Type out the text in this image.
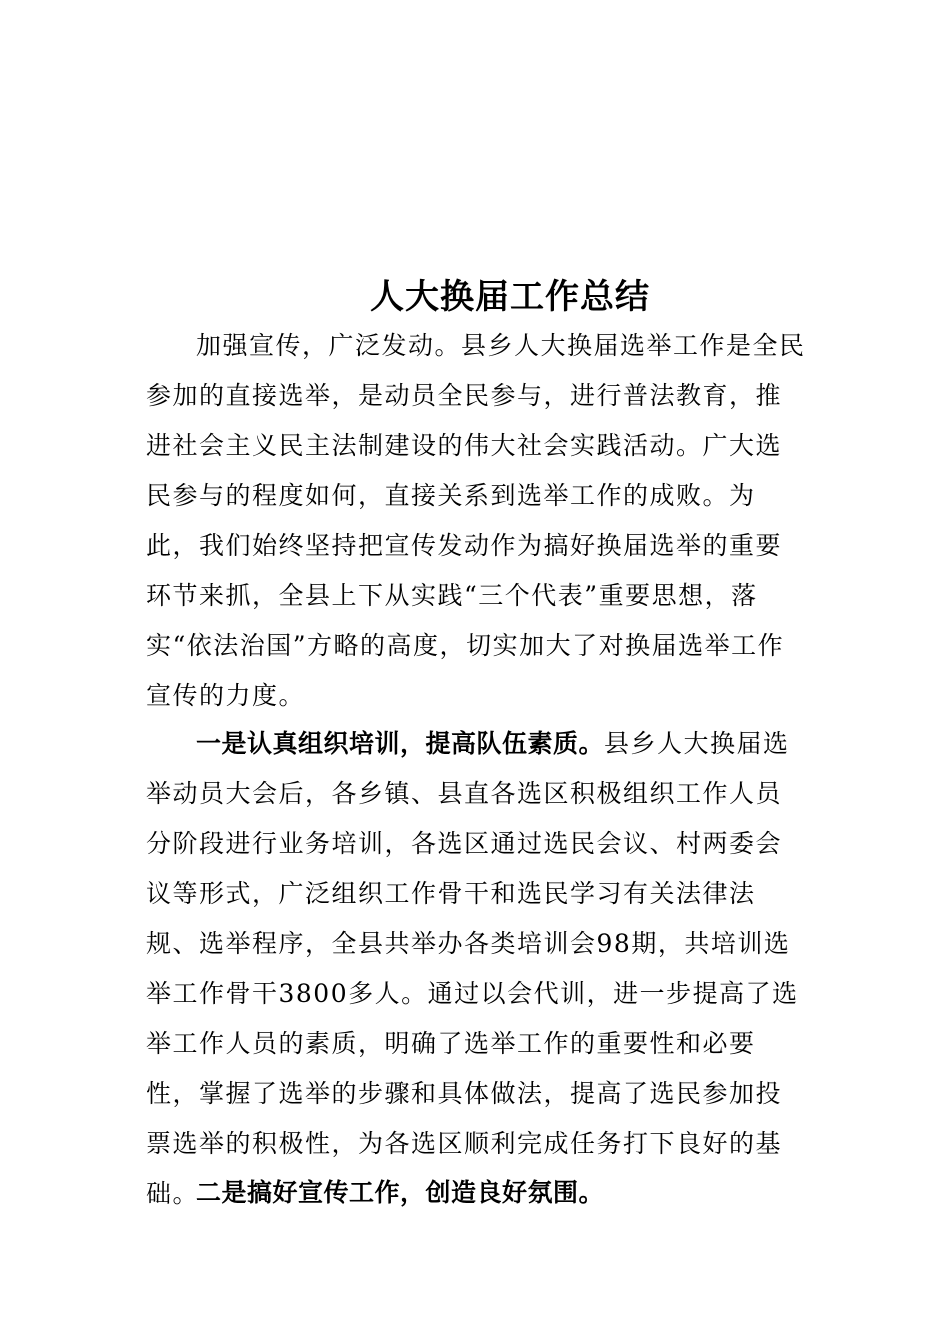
人大换届工作总结

加强宣传，广泛发动。县乡人大换届选举工作是全民参加的直接选举，是动员全民参与，进行普法教育，推进社会主义民主法制建设的伟大社会实践活动。广大选民参与的程度如何，直接关系到选举工作的成败。为此，我们始终坚持把宣传发动作为搞好换届选举的重要环节来抓，全县上下从实践“三个代表”重要思想，落实“依法治国”方略的高度，切实加大了对换届选举工作宣传的力度。

一是认真组织培训，提高队伍素质。县乡人大换届选举动员大会后，各乡镇、县直各选区积极组织工作人员分阶段进行业务培训，各选区通过选民会议、村两委会议等形式，广泛组织工作骨干和选民学习有关法律法规、选举程序，全县共举办各类培训会98期，共培训选举工作骨干3800多人。通过以会代训，进一步提高了选举工作人员的素质，明确了选举工作的重要性和必要性，掌握了选举的步骤和具体做法，提高了选民参加投票选举的积极性，为各选区顺利完成任务打下良好的基础。

二是搞好宣传工作，创造良好氛围。
